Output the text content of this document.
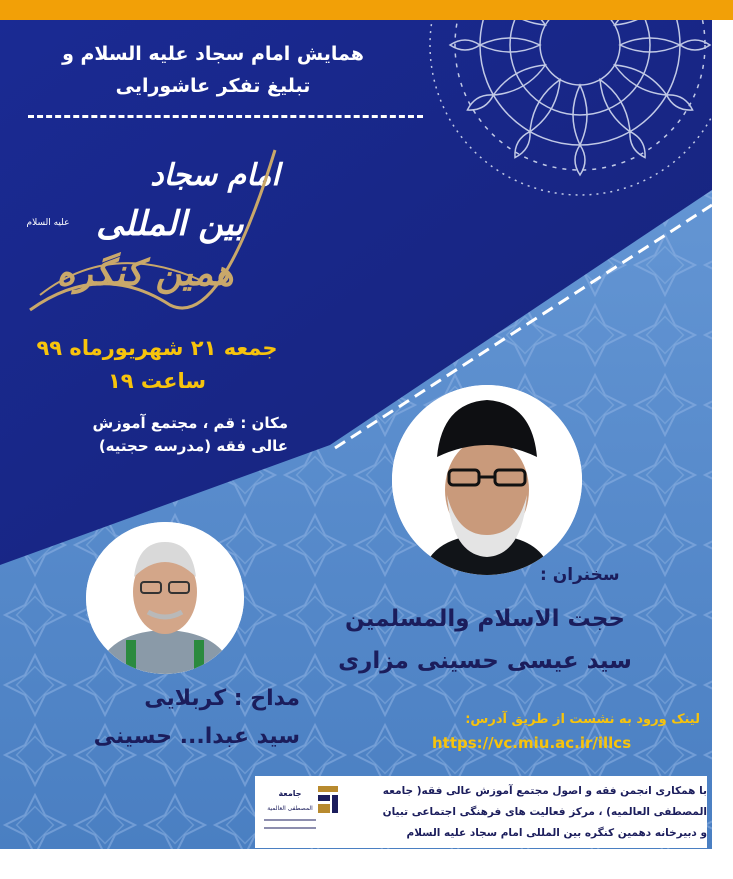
همایش امام سجاد علیه السلام و
تبلیغ تفکر عاشورایی
امام سجاد
بین المللی
همین کنگره
علیه السلام
جمعه ۲۱ شهریورماه ۹۹
ساعت ۱۹
مکان : قم ، مجتمع آموزش
عالی فقه (مدرسه حجتیه)
سخنران :
حجت الاسلام والمسلمین
سید عیسی حسینی مزاری
مداح : کربلایی
سید عبدا... حسینی
لینک ورود به نشست از طریق آدرس:
https://vc.miu.ac.ir/illcs
جامعة
المصطفى العالمية
با همکاری انجمن فقه و اصول مجتمع آموزش عالی فقه( جامعه
المصطفی العالمیه) ، مرکز فعالیت های فرهنگی اجتماعی تبیان
و دبیرخانه دهمین کنگره بین المللی امام سجاد علیه السلام
